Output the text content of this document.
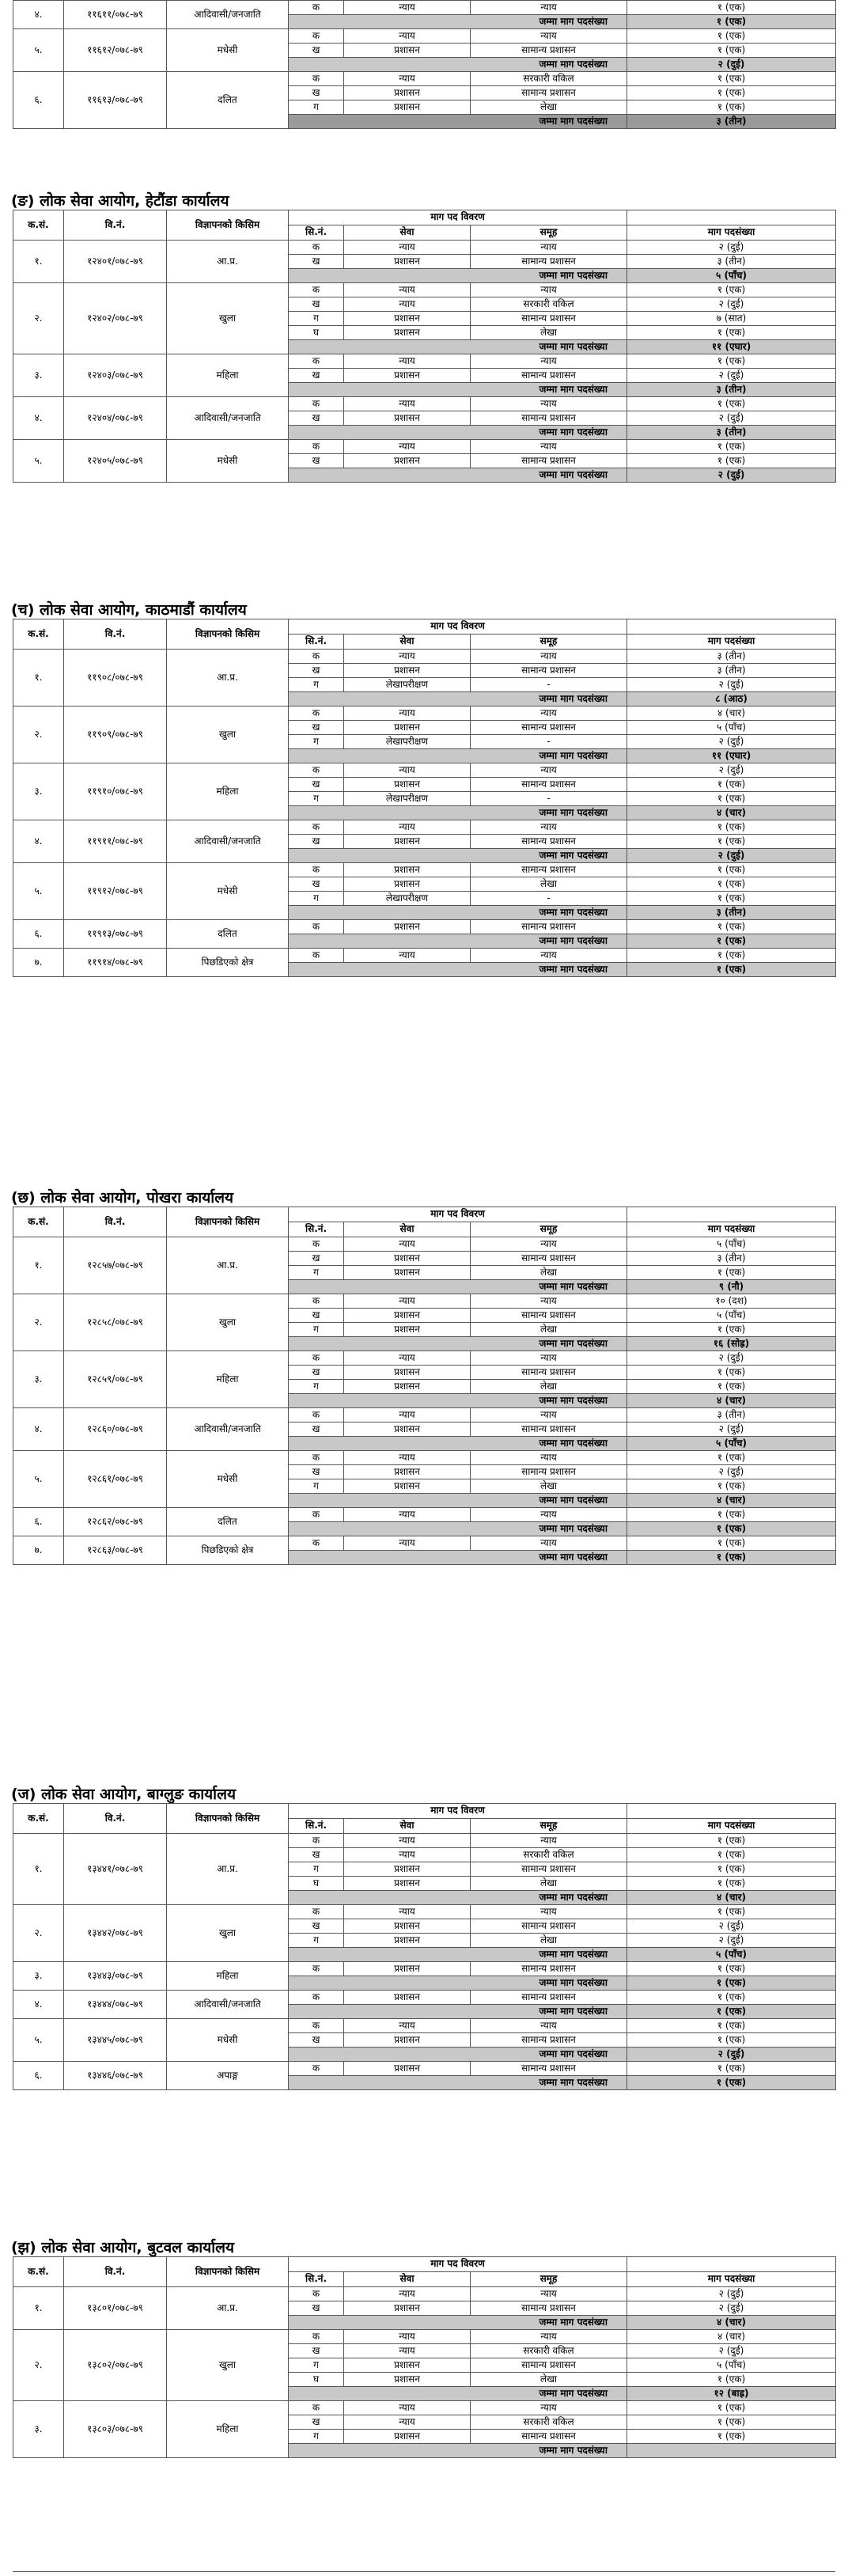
४.	११६११/०७८-७९	आदिवासी/जनजाति	क	न्याय	न्याय	१ (एक)
			जम्मा माग पदसंख्या			१ (एक)
५.	११६१२/०७८-७९	मधेसी	क	न्याय	न्याय	१ (एक)
			ख	प्रशासन	सामान्य प्रशासन	१ (एक)
			जम्मा माग पदसंख्या			२ (दुई)
६.	११६१३/०७८-७९	दलित	क	न्याय	सरकारी वकिल	१ (एक)
			ख	प्रशासन	सामान्य प्रशासन	१ (एक)
			ग	प्रशासन	लेखा	१ (एक)
			जम्मा माग पदसंख्या			३ (तीन)
(ङ) लोक सेवा आयोग, हेटौंडा कार्यालय
क.सं.	वि.नं.	विज्ञापनको किसिम	माग पद विवरण			
			सि.नं.	सेवा	समूह	माग पदसंख्या
१.	१२४०१/०७८-७९	आ.प्र.	क	न्याय	न्याय	२ (दुई)
			ख	प्रशासन	सामान्य प्रशासन	३ (तीन)
			जम्मा माग पदसंख्या			५ (पाँच)
२.	१२४०२/०७८-७९	खुला	क	न्याय	न्याय	१ (एक)
			ख	न्याय	सरकारी वकिल	२ (दुई)
			ग	प्रशासन	सामान्य प्रशासन	७ (सात)
			घ	प्रशासन	लेखा	१ (एक)
			जम्मा माग पदसंख्या			११ (एघार)
३.	१२४०३/०७८-७९	महिला	क	न्याय	न्याय	१ (एक)
			ख	प्रशासन	सामान्य प्रशासन	२ (दुई)
			जम्मा माग पदसंख्या			३ (तीन)
४.	१२४०४/०७८-७९	आदिवासी/जनजाति	क	न्याय	न्याय	१ (एक)
			ख	प्रशासन	सामान्य प्रशासन	२ (दुई)
			जम्मा माग पदसंख्या			३ (तीन)
५.	१२४०५/०७८-७९	मधेसी	क	न्याय	न्याय	१ (एक)
			ख	प्रशासन	सामान्य प्रशासन	१ (एक)
			जम्मा माग पदसंख्या			२ (दुई)
(च) लोक सेवा आयोग, काठमाडौं कार्यालय
क.सं.	वि.नं.	विज्ञापनको किसिम	माग पद विवरण			
			सि.नं.	सेवा	समूह	माग पदसंख्या
१.	११९०८/०७८-७९	आ.प्र.	क	न्याय	न्याय	३ (तीन)
			ख	प्रशासन	सामान्य प्रशासन	३ (तीन)
			ग	लेखापरीक्षण	-	२ (दुई)
			जम्मा माग पदसंख्या			८ (आठ)
२.	११९०९/०७८-७९	खुला	क	न्याय	न्याय	४ (चार)
			ख	प्रशासन	सामान्य प्रशासन	५ (पाँच)
			ग	लेखापरीक्षण	-	२ (दुई)
			जम्मा माग पदसंख्या			११ (एघार)
३.	११९१०/०७८-७९	महिला	क	न्याय	न्याय	२ (दुई)
			ख	प्रशासन	सामान्य प्रशासन	१ (एक)
			ग	लेखापरीक्षण	-	१ (एक)
			जम्मा माग पदसंख्या			४ (चार)
४.	११९११/०७८-७९	आदिवासी/जनजाति	क	न्याय	न्याय	१ (एक)
			ख	प्रशासन	सामान्य प्रशासन	१ (एक)
			जम्मा माग पदसंख्या			२ (दुई)
५.	११९१२/०७८-७९	मधेसी	क	प्रशासन	सामान्य प्रशासन	१ (एक)
			ख	प्रशासन	लेखा	१ (एक)
			ग	लेखापरीक्षण	-	१ (एक)
			जम्मा माग पदसंख्या			३ (तीन)
६.	११९१३/०७८-७९	दलित	क	प्रशासन	सामान्य प्रशासन	१ (एक)
			जम्मा माग पदसंख्या			१ (एक)
७.	११९१४/०७८-७९	पिछडिएको क्षेत्र	क	न्याय	न्याय	१ (एक)
			जम्मा माग पदसंख्या			१ (एक)
(छ) लोक सेवा आयोग, पोखरा कार्यालय
क.सं.	वि.नं.	विज्ञापनको किसिम	माग पद विवरण			
			सि.नं.	सेवा	समूह	माग पदसंख्या
१.	१२८५७/०७८-७९	आ.प्र.	क	न्याय	न्याय	५ (पाँच)
			ख	प्रशासन	सामान्य प्रशासन	३ (तीन)
			ग	प्रशासन	लेखा	१ (एक)
			जम्मा माग पदसंख्या			९ (नौ)
२.	१२८५८/०७८-७९	खुला	क	न्याय	न्याय	१० (दश)
			ख	प्रशासन	सामान्य प्रशासन	५ (पाँच)
			ग	प्रशासन	लेखा	१ (एक)
			जम्मा माग पदसंख्या			१६ (सोह्र)
३.	१२८५९/०७८-७९	महिला	क	न्याय	न्याय	२ (दुई)
			ख	प्रशासन	सामान्य प्रशासन	१ (एक)
			ग	प्रशासन	लेखा	१ (एक)
			जम्मा माग पदसंख्या			४ (चार)
४.	१२८६०/०७८-७९	आदिवासी/जनजाति	क	न्याय	न्याय	३ (तीन)
			ख	प्रशासन	सामान्य प्रशासन	२ (दुई)
			जम्मा माग पदसंख्या			५ (पाँच)
५.	१२८६१/०७८-७९	मधेसी	क	न्याय	न्याय	१ (एक)
			ख	प्रशासन	सामान्य प्रशासन	२ (दुई)
			ग	प्रशासन	लेखा	१ (एक)
			जम्मा माग पदसंख्या			४ (चार)
६.	१२८६२/०७८-७९	दलित	क	न्याय	न्याय	१ (एक)
			जम्मा माग पदसंख्या			१ (एक)
७.	१२८६३/०७८-७९	पिछडिएको क्षेत्र	क	न्याय	न्याय	१ (एक)
			जम्मा माग पदसंख्या			१ (एक)
(ज) लोक सेवा आयोग, बाग्लुङ कार्यालय
क.सं.	वि.नं.	विज्ञापनको किसिम	माग पद विवरण			
			सि.नं.	सेवा	समूह	माग पदसंख्या
१.	१३४४१/०७८-७९	आ.प्र.	क	न्याय	न्याय	१ (एक)
			ख	न्याय	सरकारी वकिल	१ (एक)
			ग	प्रशासन	सामान्य प्रशासन	१ (एक)
			घ	प्रशासन	लेखा	१ (एक)
			जम्मा माग पदसंख्या			४ (चार)
२.	१३४४२/०७८-७९	खुला	क	न्याय	न्याय	१ (एक)
			ख	प्रशासन	सामान्य प्रशासन	२ (दुई)
			ग	प्रशासन	लेखा	२ (दुई)
			जम्मा माग पदसंख्या			५ (पाँच)
३.	१३४४३/०७८-७९	महिला	क	प्रशासन	सामान्य प्रशासन	१ (एक)
			जम्मा माग पदसंख्या			१ (एक)
४.	१३४४४/०७८-७९	आदिवासी/जनजाति	क	प्रशासन	सामान्य प्रशासन	१ (एक)
			जम्मा माग पदसंख्या			१ (एक)
५.	१३४४५/०७८-७९	मधेसी	क	न्याय	न्याय	१ (एक)
			ख	प्रशासन	सामान्य प्रशासन	१ (एक)
			जम्मा माग पदसंख्या			२ (दुई)
६.	१३४४६/०७८-७९	अपाङ्ग	क	प्रशासन	सामान्य प्रशासन	१ (एक)
			जम्मा माग पदसंख्या			१ (एक)
(झ) लोक सेवा आयोग, बुटवल कार्यालय
क.सं.	वि.नं.	विज्ञापनको किसिम	माग पद विवरण			
			सि.नं.	सेवा	समूह	माग पदसंख्या
१.	१३८०१/०७८-७९	आ.प्र.	क	न्याय	न्याय	२ (दुई)
			ख	प्रशासन	सामान्य प्रशासन	२ (दुई)
			जम्मा माग पदसंख्या			४ (चार)
२.	१३८०२/०७८-७९	खुला	क	न्याय	न्याय	४ (चार)
			ख	न्याय	सरकारी वकिल	२ (दुई)
			ग	प्रशासन	सामान्य प्रशासन	५ (पाँच)
			घ	प्रशासन	लेखा	१ (एक)
			जम्मा माग पदसंख्या			१२ (बाह्र)
३.	१३८०३/०७८-७९	महिला	क	न्याय	न्याय	१ (एक)
			ख	न्याय	सरकारी वकिल	१ (एक)
			ग	प्रशासन	सामान्य प्रशासन	१ (एक)
			जम्मा माग पदसंख्या			
